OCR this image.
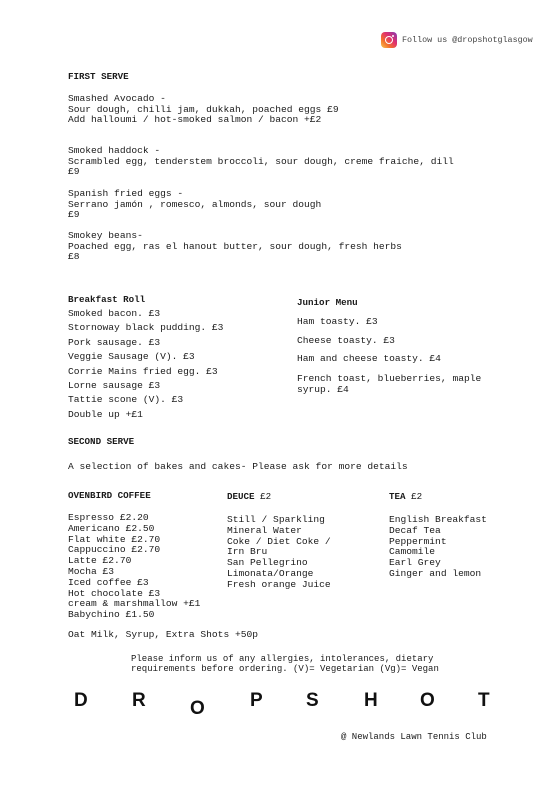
Follow us @dropshotglasgow
FIRST SERVE
Smashed Avocado -
Sour dough, chilli jam, dukkah, poached eggs £9
Add halloumi / hot-smoked salmon / bacon +£2
Smoked haddock -
Scrambled egg, tenderstem broccoli, sour dough, creme fraiche, dill
£9
Spanish fried eggs -
Serrano jamón , romesco, almonds, sour dough
£9
Smokey beans-
Poached egg, ras el hanout butter, sour dough, fresh herbs
£8
Breakfast Roll
Smoked bacon. £3
Stornoway black pudding. £3
Pork sausage. £3
Veggie Sausage (V). £3
Corrie Mains fried egg. £3
Lorne sausage £3
Tattie scone (V). £3
Double up +£1
Junior Menu
Ham toasty. £3
Cheese toasty. £3
Ham and cheese toasty. £4
French toast, blueberries, maple
syrup. £4
SECOND SERVE
A selection of bakes and cakes- Please ask for more details
OVENBIRD COFFEE
Espresso £2.20
Americano £2.50
Flat white £2.70
Cappuccino £2.70
Latte £2.70
Mocha £3
Iced coffee £3
Hot chocolate £3
cream & marshmallow +£1
Babychino £1.50
DEUCE £2
Still / Sparkling
Mineral Water
Coke / Diet Coke /
Irn Bru
San Pellegrino
Limonata/Orange
Fresh orange Juice
TEA £2
English Breakfast
Decaf Tea
Peppermint
Camomile
Earl Grey
Ginger and lemon
Oat Milk, Syrup, Extra Shots +50p
Please inform us of any allergies, intolerances, dietary
requirements before ordering. (V)= Vegetarian (Vg)= Vegan
D R O P S H O T
@ Newlands Lawn Tennis Club
